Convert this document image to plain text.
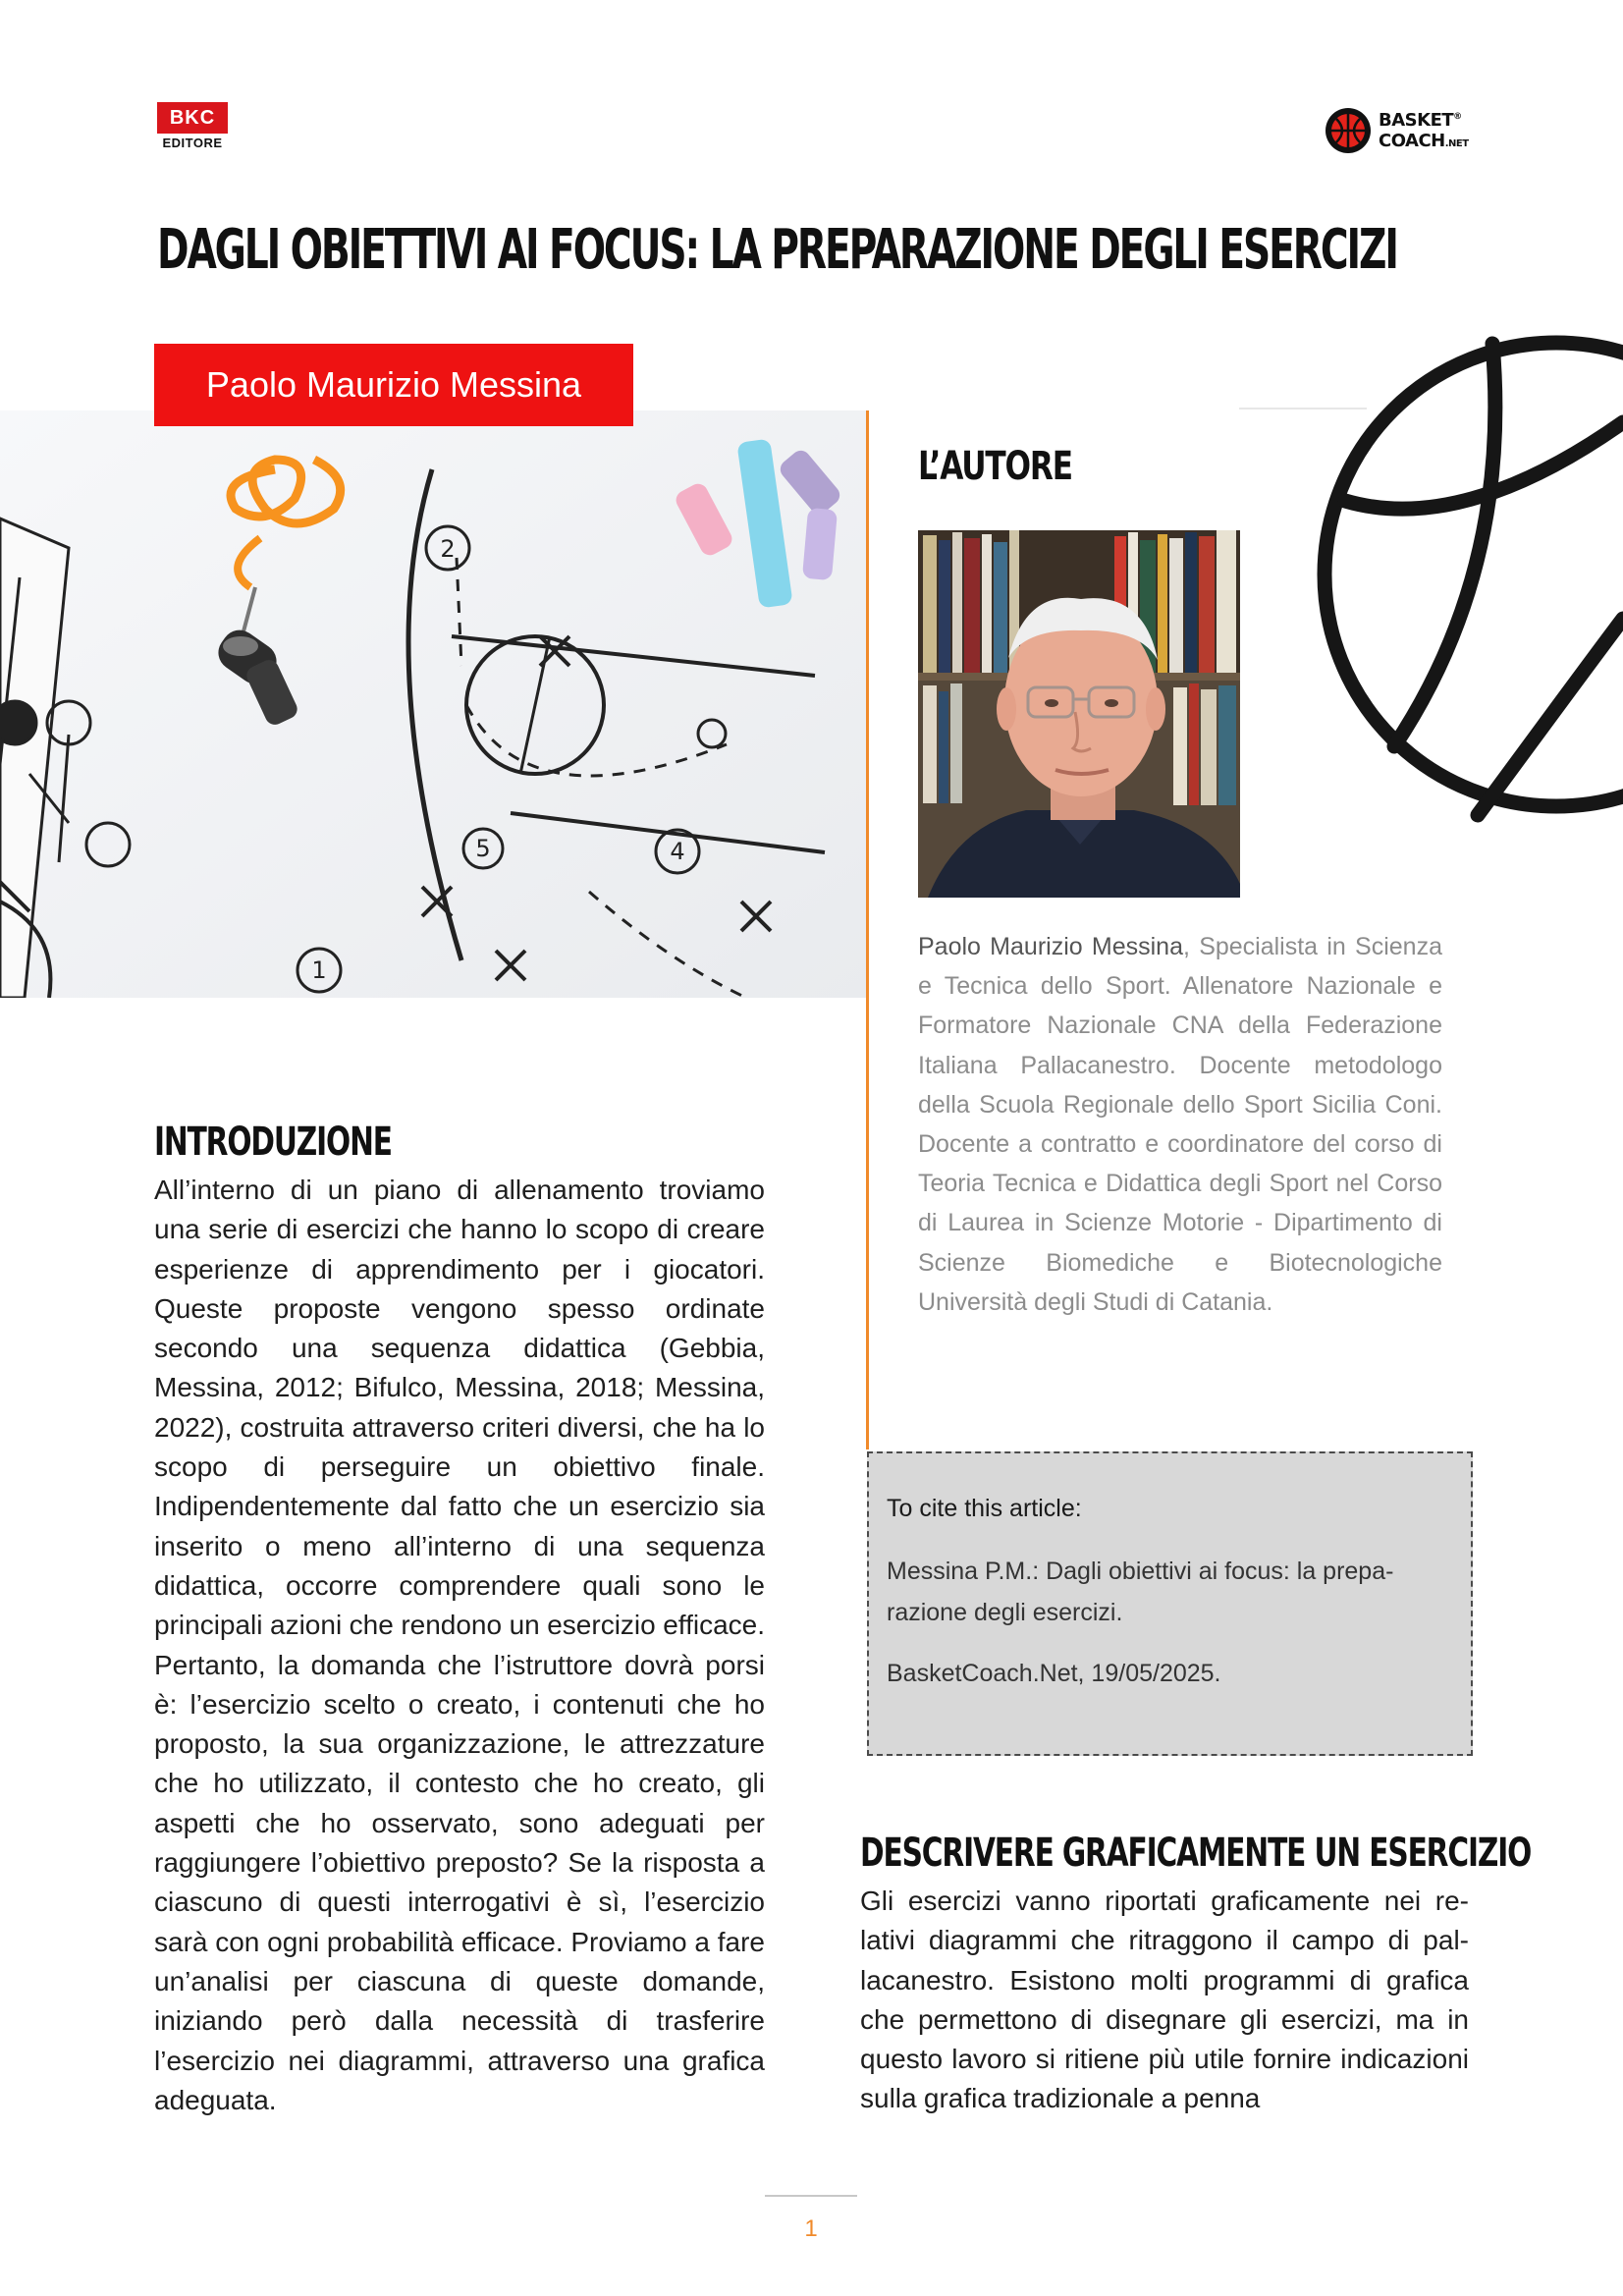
BKC
EDITORE
BASKET®
COACH.NET
DAGLI OBIETTIVI AI FOCUS: LA PREPARAZIONE DEGLI ESERCIZI
2
5	4
1
Paolo Maurizio Messina
L’AUTORE
Paolo Maurizio Messina, Specialista in Scienza e Tecnica dello Sport. Allenatore Nazionale e Formatore Nazionale CNA della Federazione Italiana Pallacanestro. Docente metodologo della Scuola Regionale dello Sport Sicilia Coni. Docente a contratto e coordinatore del corso di Teoria Tecnica e Didattica degli Sport nel Corso di Laurea in Scienze Motorie - Dipartimento di Scienze Biomediche e Biotecnologiche Università degli Studi di Catania.
To cite this article:
Messina P.M.: Dagli obiettivi ai focus: la prepa-
razione degli esercizi.
BasketCoach.Net, 19/05/2025.
INTRODUZIONE
All’interno di un piano di allenamento troviamo una serie di esercizi che hanno lo scopo di creare esperienze di apprendimento per i giocatori. Queste proposte vengono spesso ordinate secondo una sequenza didattica (Gebbia, Messina, 2012; Bifulco, Messina, 2018; Messina, 2022), costruita attraverso criteri diversi, che ha lo scopo di perseguire un obiettivo finale. Indipendentemente dal fatto che un esercizio sia inserito o meno all’interno di una sequenza didattica, occorre comprendere quali sono le principali azioni che rendono un esercizio efficace. Pertanto, la domanda che l’istruttore dovrà porsi è: l’esercizio scelto o creato, i contenuti che ho proposto, la sua organizzazione, le attrezzature che ho utilizzato, il contesto che ho creato, gli aspetti che ho osservato, sono adeguati per raggiungere l’obiettivo preposto? Se la risposta a ciascuno di questi interrogativi è sì, l’esercizio sarà con ogni probabilità efficace. Proviamo a fare un’analisi per ciascuna di queste domande, iniziando però dalla necessità di trasferire l’esercizio nei diagrammi, attraverso una grafica adeguata.
DESCRIVERE GRAFICAMENTE UN ESERCIZIO
Gli esercizi vanno riportati graficamente nei relativi diagrammi che ritraggono il campo di pallacanestro. Esistono molti programmi di grafica che permettono di disegnare gli esercizi, ma in questo lavoro si ritiene più utile fornire indicazioni sulla grafica tradizionale a penna
1
